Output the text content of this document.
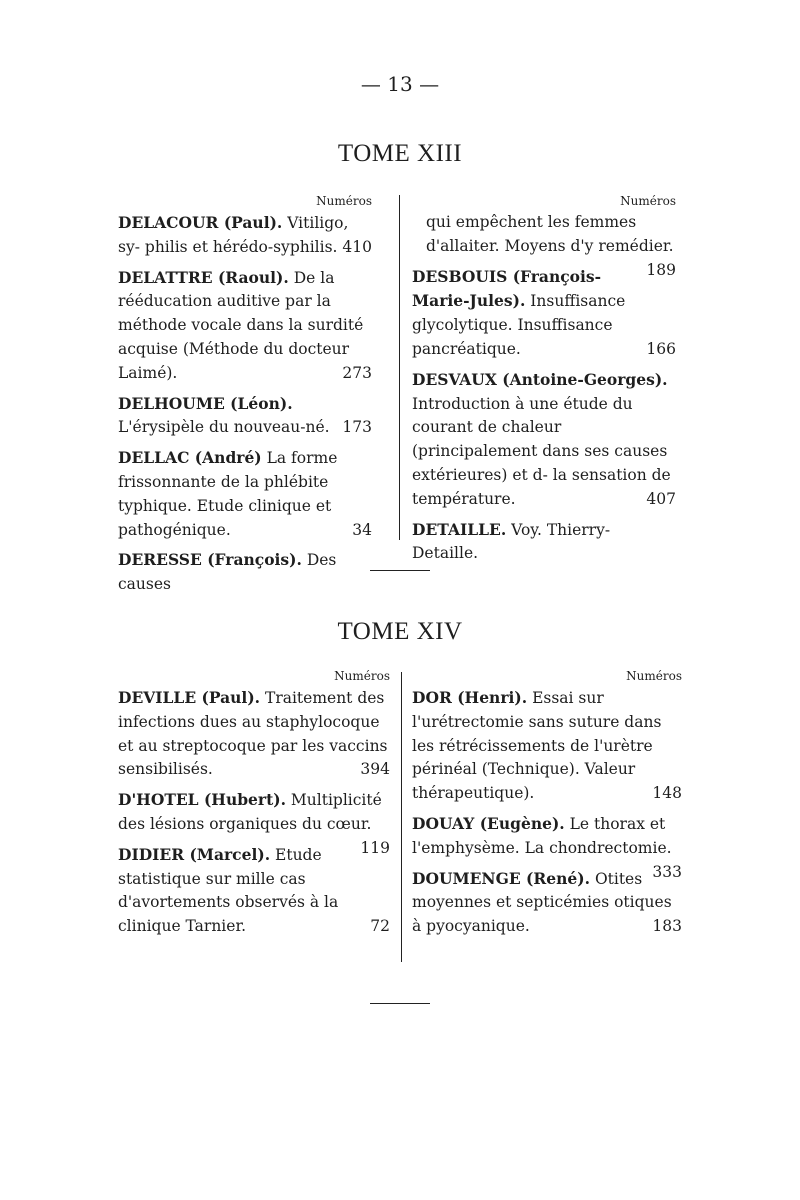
— 13 —
TOME XIII
Numéros
DELACOUR (Paul). Vitiligo, sy- philis et hérédo-syphilis. 410
DELATTRE (Raoul). De la rééducation auditive par la méthode vocale dans la surdité acquise (Méthode du docteur Laimé).	273
DELHOUME (Léon). L'érysipèle du nouveau-né. 173
DELLAC (André) La forme frissonnante de la phlébite typhique. Etude clinique et pathogénique.	34
DERESSE (François). Des causes
Numéros
qui empêchent les femmes d'allaiter. Moyens d'y remédier.
189
DESBOUIS (François-Marie-Jules). Insuffisance glycolytique. Insuffisance pancréatique.	166
DESVAUX (Antoine-Georges). Introduction à une étude du courant de chaleur (principalement dans ses causes extérieures) et d- la sensation de température.	407
DETAILLE. Voy. Thierry-Detaille.
TOME XIV
Numéros
DEVILLE (Paul). Traitement des infections dues au staphylocoque et au streptocoque par les vaccins sensibilisés.	394
D'HOTEL (Hubert). Multiplicité des lésions organiques du cœur.
119
DIDIER (Marcel). Etude statistique sur mille cas d'avortements observés à la clinique Tarnier.	72
Numéros
DOR (Henri). Essai sur l'urétrectomie sans suture dans les rétrécissements de l'urètre périnéal (Technique). Valeur thérapeutique).	148
DOUAY (Eugène). Le thorax et l'emphysème. La chondrectomie.
333
DOUMENGE (René). Otites moyennes et septicémies otiques à pyocyanique.	183
